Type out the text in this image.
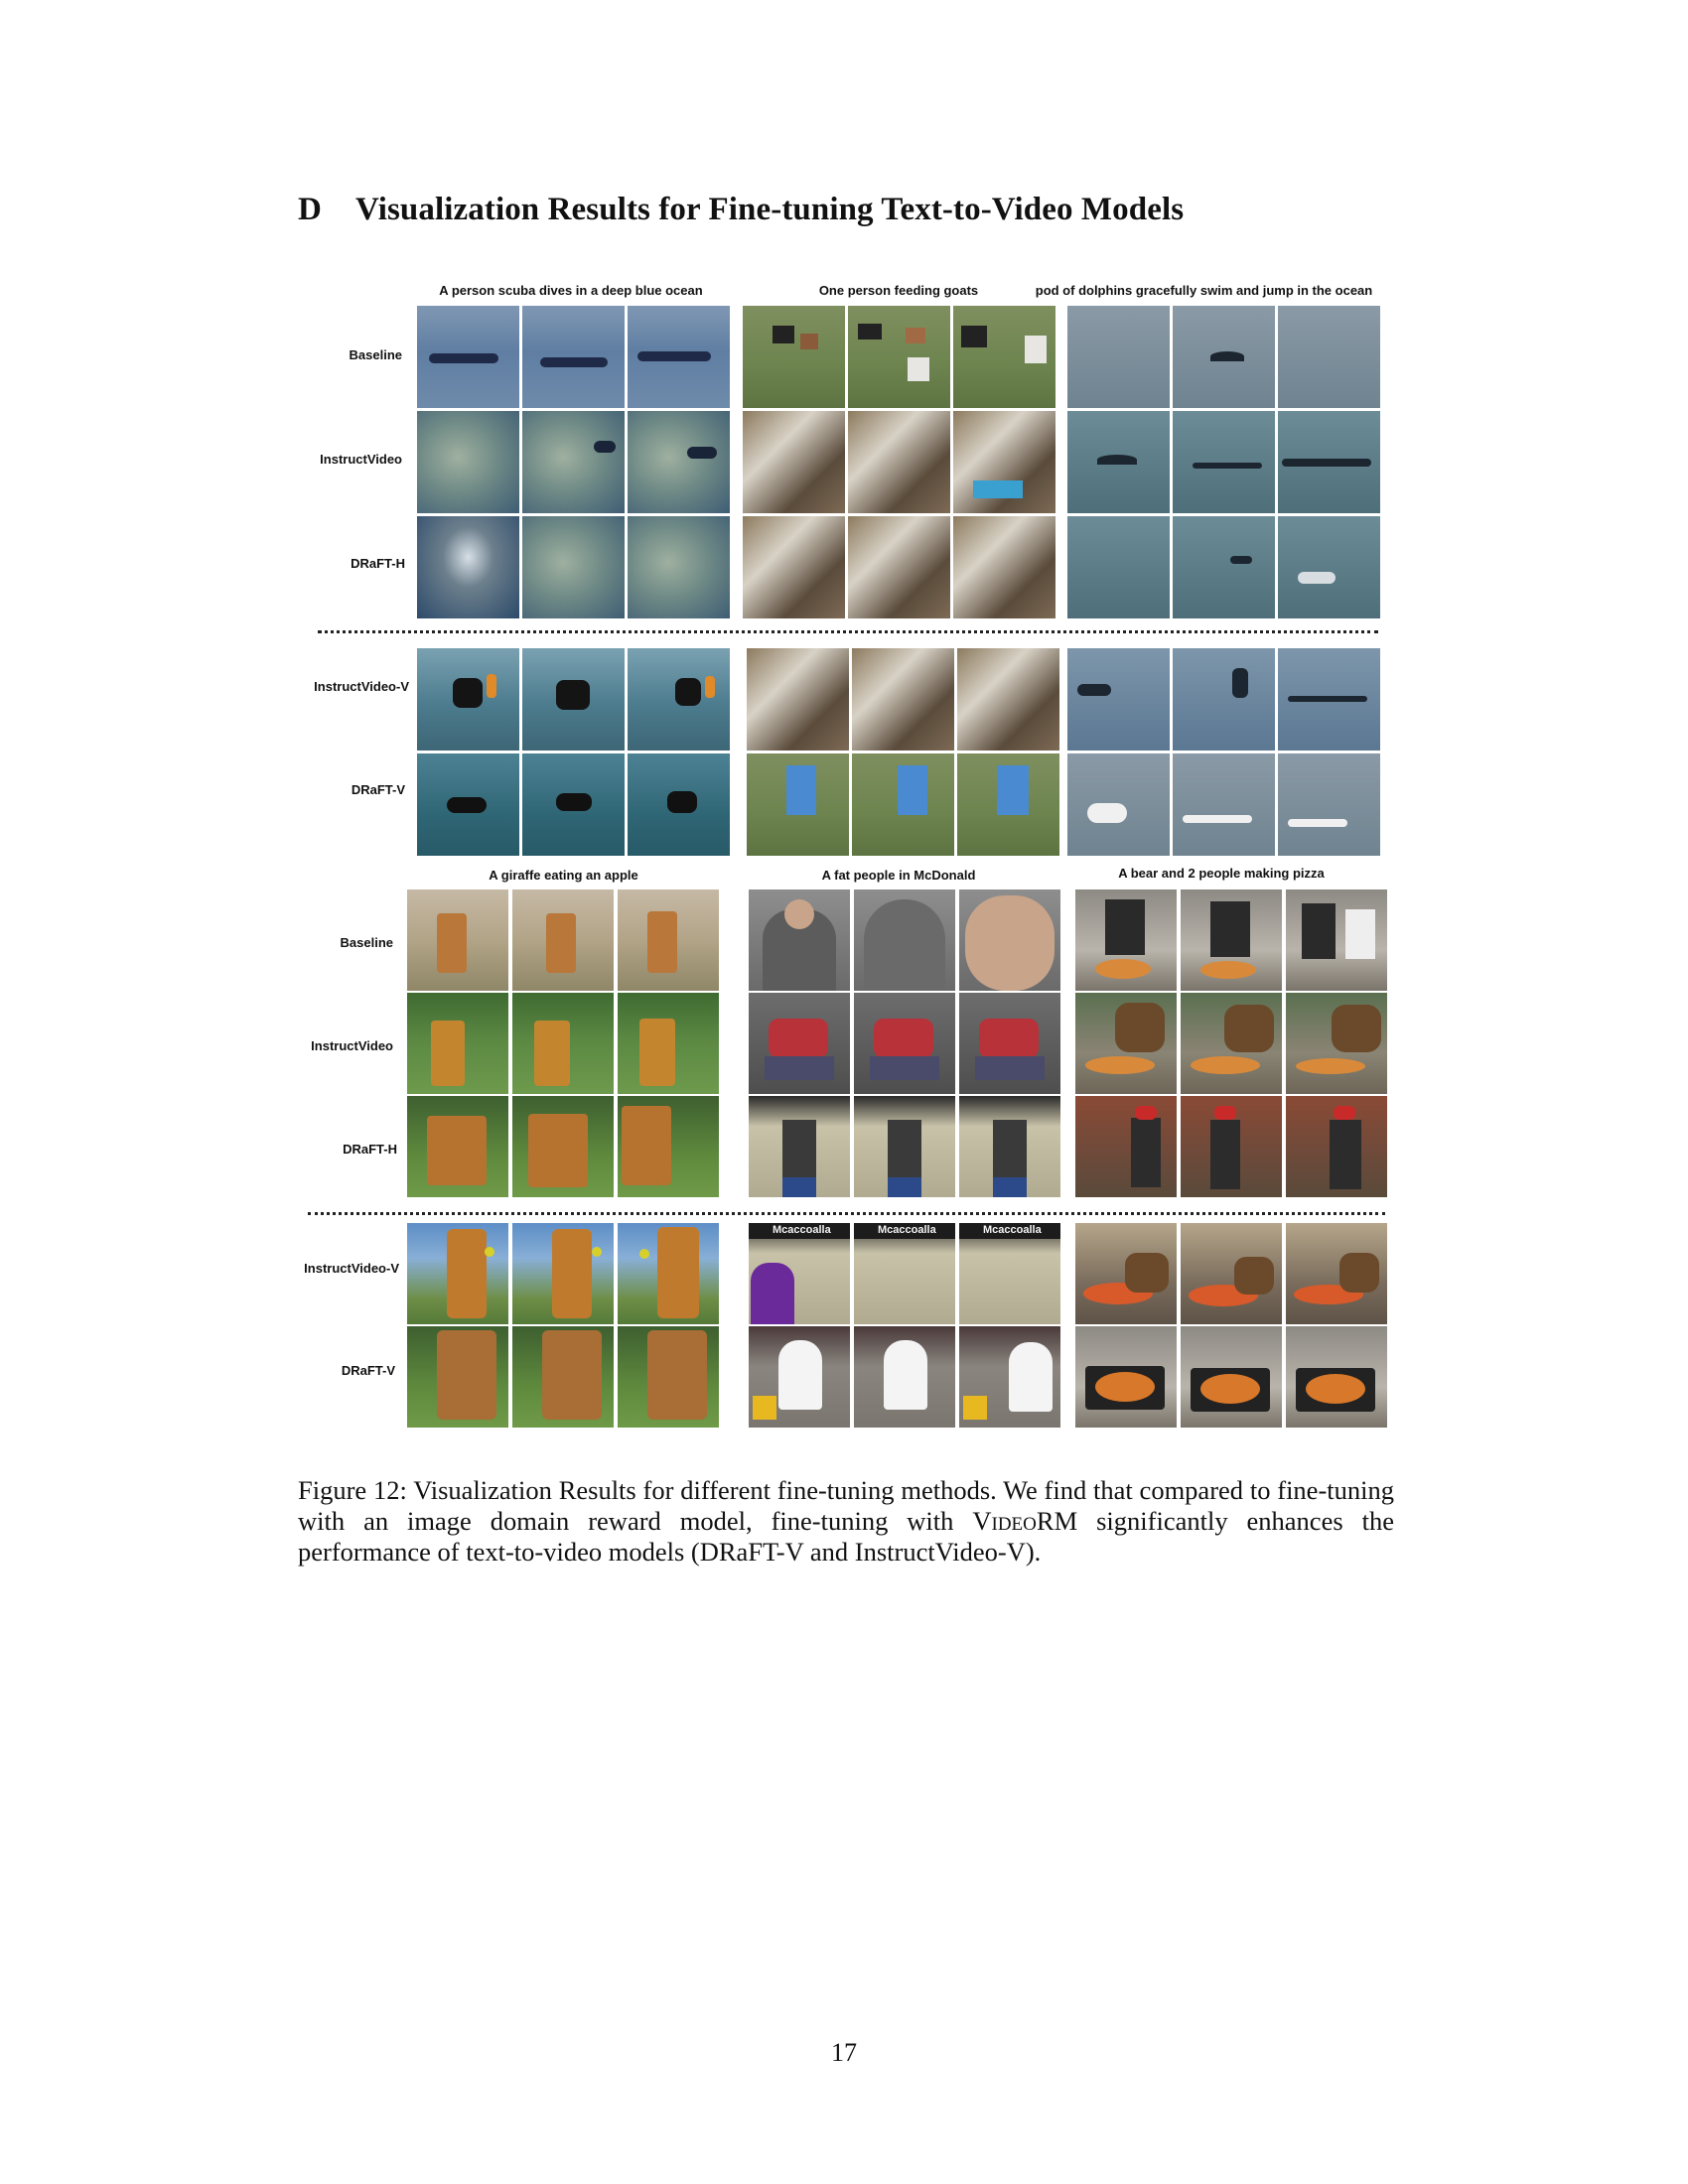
D Visualization Results for Fine-tuning Text-to-Video Models
A person scuba dives in a deep blue ocean	One person feeding goats	pod of dolphins gracefully swim and jump in the ocean
Baseline
InstructVideo
DRaFT-H
InstructVideo-V
DRaFT-V
A giraffe eating an apple	A fat people in McDonald	A bear and 2 people making pizza
Baseline
InstructVideo
DRaFT-H
InstructVideo-V
DRaFT-V
Mcaccoalla	Mcaccoalla	Mcaccoalla

Figure 12: Visualization Results for different fine-tuning methods. We find that compared to fine-tuning with an image domain reward model, fine-tuning with VideoRM significantly enhances the performance of text-to-video models (DRaFT-V and InstructVideo-V).

17
